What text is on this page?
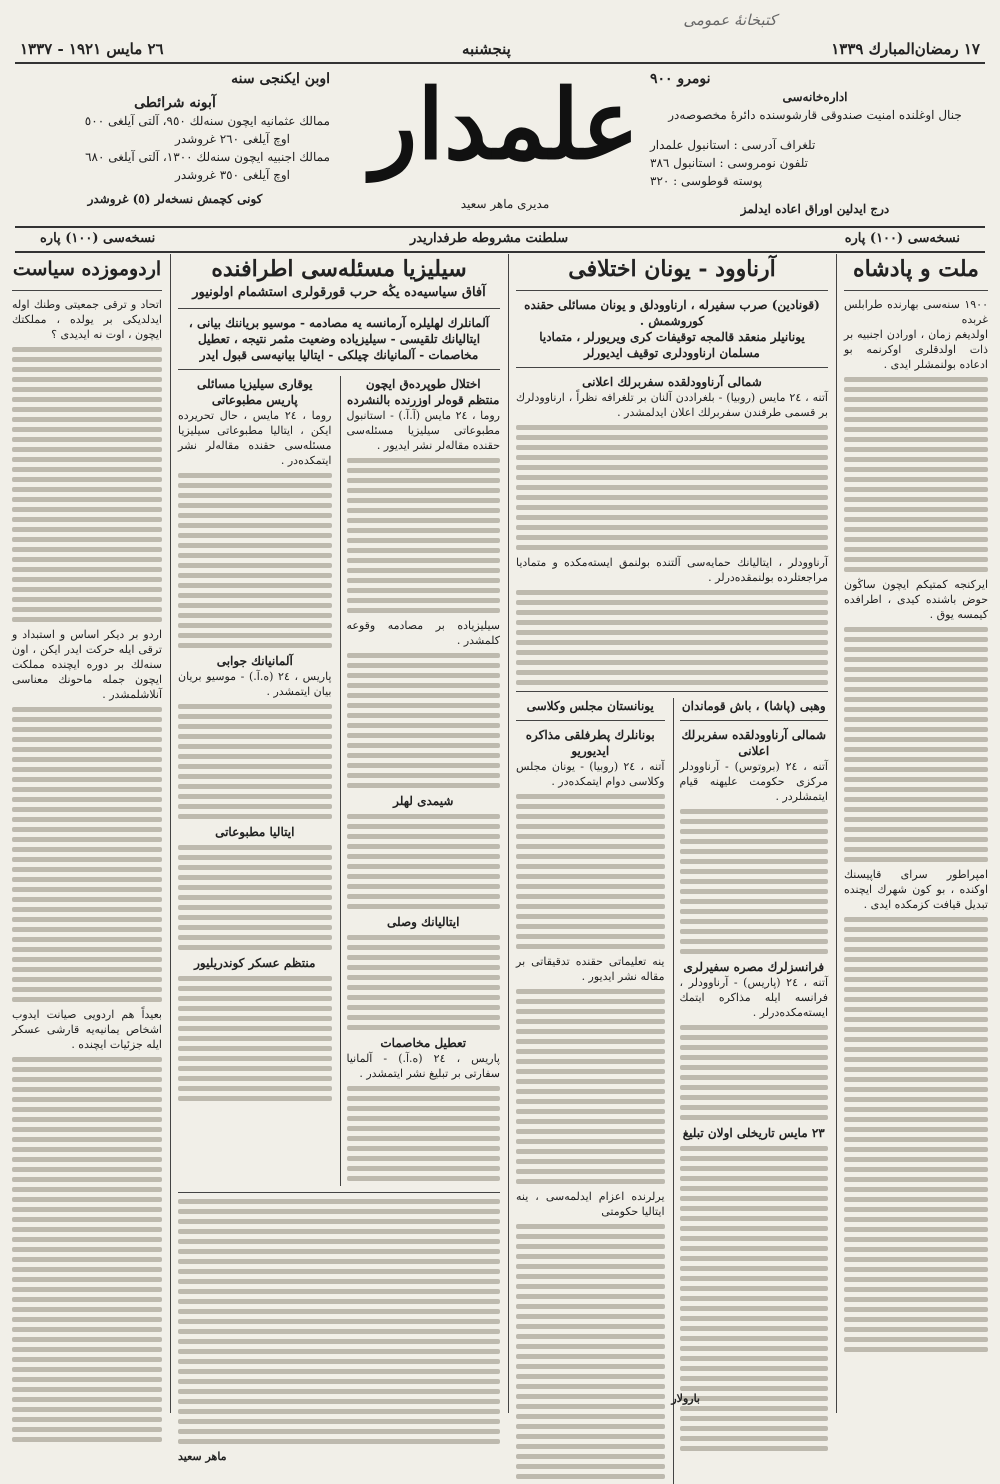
١٧ رمضان‌المبارك ١٣٣٩
پنجشنبه
٢٦ مايس ١٩٢١ - ١٣٣٧
كتبخانۀ عمومی
نومرو ٩٠٠
ادارەخانەسی
جنال اوغلنده امنيت صندوقى قارشوسنده دائرۀ مخصوصەدر
تلغراف آدرسى : استانبول علمدار
تلفون نومروسى : استانبول ٣٨٦
پوسته قوطوسى : ٣٢٠
درج ايدلين اوراق اعاده ايدلمز
علمدار
مديرى ماهر سعيد
اوبن ايكنجى سنه
آبونه شرائطى
ممالك عثمانيه ايچون سنه‌لك ٩٥٠، آلتى آيلغى ٥٠٠
اوچ آيلغى ٢٦٠ غروشدر
ممالك اجنبيه ايچون سنه‌لك ١٣٠٠، آلتى آيلغى ٦٨٠
اوچ آيلغى ٣٥٠ غروشدر
كونى كچمش نسخه‌لر (٥) غروشدر
نسخه‌سى (١٠٠) پاره
سلطنت مشروطه طرفداريدر
نسخه‌سى (١٠٠) پاره
ملت و پادشاه
١٩٠٠ سنه‌سى بهارنده طرابلس غربده
اولديغم زمان ، اورادن اجنبيه بر ذات اولدقلرى اوكرنمه بو ادعاده بولنمشلر ايدى .
ايركنجه كمتيكم ايچون ساڭون حوض باشنده كيدى ، اطرافده كيمسه يوق .
امپراطور سراى قاپيسنك اوكنده ، بو كون شهرك ايچنده تبديل قيافت كزمكده ايدى .
آرناوود - يونان اختلافى
(قونادين) صرب سفيرله ، ارناوودلق و يونان مسائلى حقنده كوروشمش .
يونانيلر منعقد قالمجه توقيفات كرى ويريورلر ، متماديا
مسلمان ارناوودلرى توقيف ايديورلر
شمالى آرناوودلقده سفربرلك اعلانى
آتنه ، ٢٤ مايس (روبيا) - بلغراددن آلنان بر تلغرافه نظراً ، ارناوودلرك بر قسمى طرفندن سفربرلك اعلان ايدلمشدر .
آرناوودلر ، ايتاليانك حمايه‌سى آلتنده بولنمق ايسته‌مكده و متماديا مراجعتلرده بولنمقده‌درلر .
وهبى (پاشا) ، باش قوماندان
شمالى آرناوودلقده سفربرلك اعلانى
آتنه ، ٢٤ (بروتوس) - آرناوودلر مركزى حكومت علیهنه قيام ايتمشلردر .
فرانسزلرك مصره سفيرلرى
آتنه ، ٢٤ (پاريس) - آرناوودلر ، فرانسه ايله مذاكره ايتمك ايسته‌مكده‌درلر .
٢٣ مايس تاريخلى اولان تبليغ
يونانستان مجلس وكلاسى
بونانلرك پطرفلقى مذاكره ايديوريو
آتنه ، ٢٤ (روبيا) - يونان مجلس وكلاسى دوام ايتمكده‌در .
ينه تعليماتى حقنده تدقيقاتى بر مقاله نشر ايديور .
يرلرنده اعزام ايدلمه‌سى ، ينه ايتاليا حكومتى
سيليزيا مسئله‌سى اطرافنده
آفاق سياسيه‌ده يڭه حرب قورقولرى استشمام اولونيور
آلمانلرك لهليلره آرمانسه يه مصادمه - موسيو برياننك بيانى ، ايتاليانك تلقيسى - سيليزياده وضعيت مثمر نتيجه ، تعطيل مخاصمات - آلمانيانك چيلكى - ايتاليا بيانيه‌سى قبول ايدر
اختلال طوپرده‌ق ايچون
منتظم قوه‌لر اوزرنده بالنشرده
روما ، ٢٤ مايس (آ.آ.) - استانبول مطبوعاتى سيليزيا مسئله‌سى حقنده مقاله‌لر نشر ايديور .
سيليزياده بر مصادمه وقوعه كلمشدر .
شيمدى لهلر
ايتاليانك وصلى
تعطيل مخاصمات
پاريس ، ٢٤ (ه.آ.) - آلمانيا سفارتى بر تبليغ نشر ايتمشدر .
يوقارى سيليزيا مسائلى
پاريس مطبوعاتى
روما ، ٢٤ مايس ، حال تحريرده ايكن ، ايتاليا مطبوعاتى سيليزيا مسئله‌سى حقنده مقاله‌لر نشر ايتمكده‌در .
آلمانيانك جوابى
پاريس ، ٢٤ (ه.آ.) - موسيو بريان بيان ايتمشدر .
ايتاليا مطبوعاتى
منتظم عسكر كوندريليور
ماهر سعيد
اردوموزده سياست
اتحاد و ترقى جمعيتى وطنك اوله ايدلديكى بر يولده ، مملكتك ايچون ، اوت نه ايديدى ؟
اردو بر ديكر اساس و استبداد و ترقى ايله حركت ايدر ايكن ، اون سنه‌لك بر دوره ايچنده مملكت ايچون جمله ماحونك معناسى آنلاشلمشدر .
بعيداً هم اردويى صيانت ايدوب اشخاص يمانيه‌يه قارشى عسكر ايله جزئيات ايچنده .
بارولار
